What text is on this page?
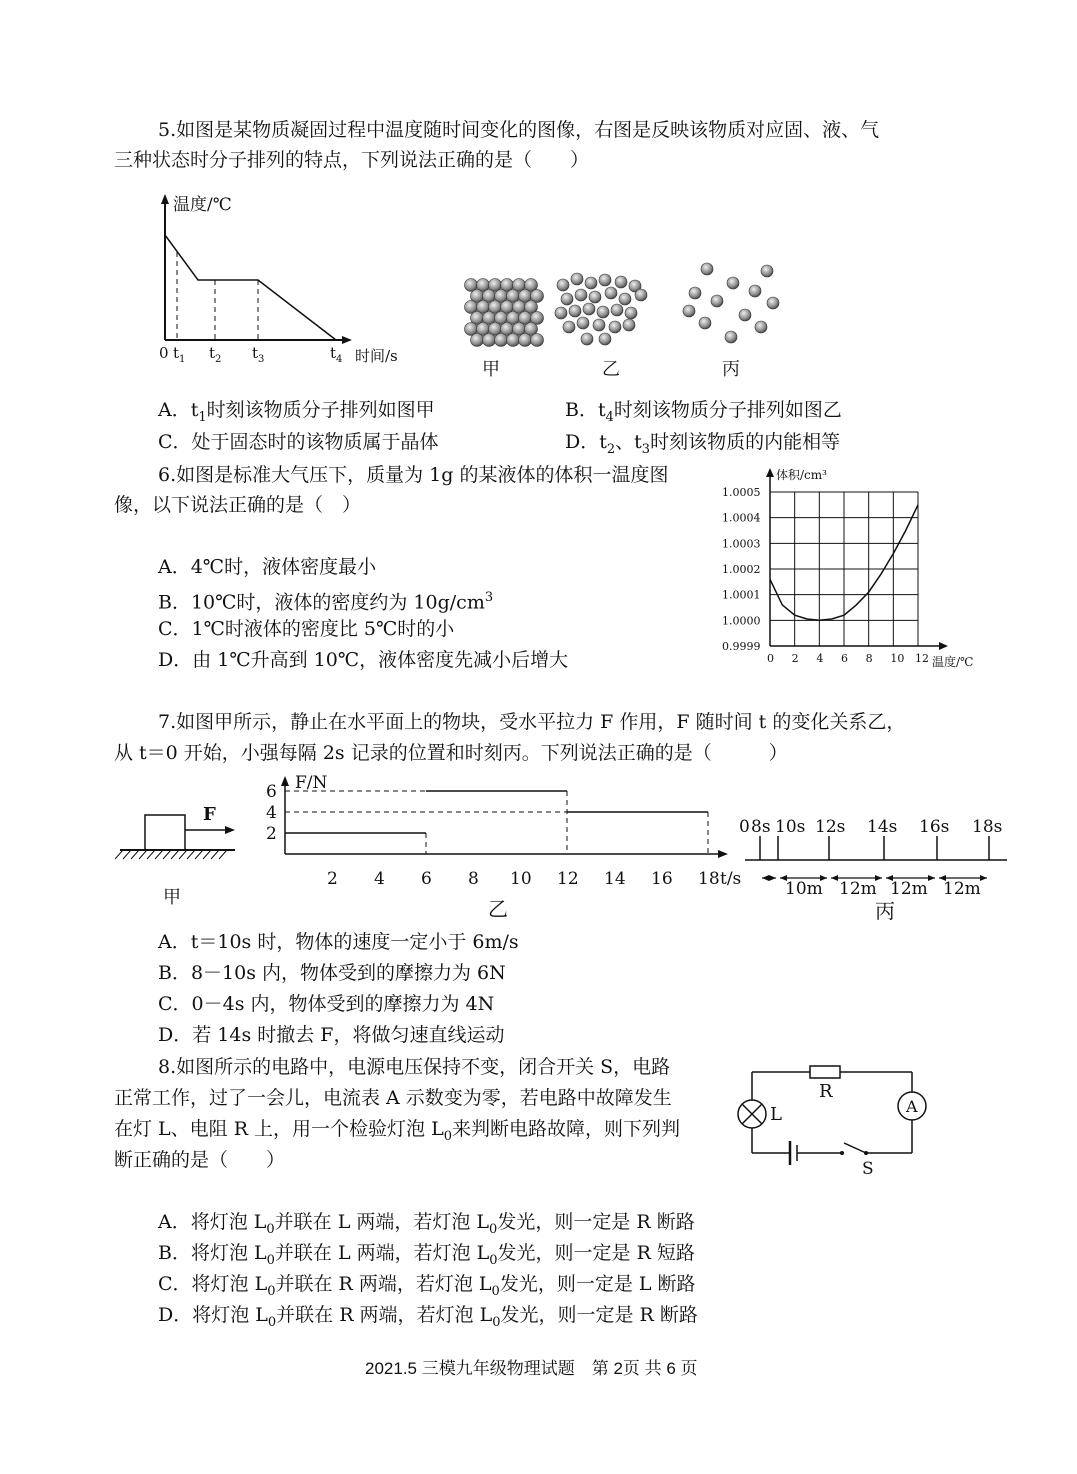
5.如图是某物质凝固过程中温度随时间变化的图像，右图是反映该物质对应固、液、气
三种状态时分子排列的特点，下列说法正确的是（　　）
温度/℃
时间/s
0 $t_1$ $t_2$ $t_3$	$t_4$	甲	乙	丙
A．$t_1$时刻该物质分子排列如图甲	B．$t_4$时刻该物质分子排列如图乙
C．处于固态时的该物质属于晶体	D．$t_2$、$t_3$时刻该物质的内能相等
6.如图是标准大气压下，质量为 1g 的某液体的体积一温度图
像，以下说法正确的是（　）
A．4℃时，液体密度最小
B．10℃时，液体的密度约为 $10g/cm^3$
C．1℃时液体的密度比 5℃时的小
D．由 1℃升高到 10℃，液体密度先减小后增大	0 2 4 6 8 10 12
0.9999
1.0000
1.0001
1.0002
1.0003
1.0004
1.0005
体积/cm³
温度/℃
7.如图甲所示，静止在水平面上的物块，受水平拉力 F 作用，F 随时间 t 的变化关系乙，
从 t＝0 开始，小强每隔 2s 记录的位置和时刻丙。下列说法正确的是（　　　）
F
甲
F/N
t/s
2
4
6
2 4 6 8 10 12 14 16 18
乙
0 8s 10s 12s 14s 16s 18s
10m 12m 12m 12m
丙
A．t＝10s 时，物体的速度一定小于 6m/s
B．8－10s 内，物体受到的摩擦力为 6N
C．0－4s 内，物体受到的摩擦力为 4N
D．若 14s 时撤去 F，将做匀速直线运动
8.如图所示的电路中，电源电压保持不变，闭合开关 S，电路
正常工作，过了一会儿，电流表 A 示数变为零，若电路中故障发生
在灯 L、电阻 R 上，用一个检验灯泡 $L_0$来判断电路故障，则下列判
断正确的是（　　）
R
L	A
S
A．将灯泡 $L_0$并联在 L 两端，若灯泡 $L_0$发光，则一定是 R 断路
B．将灯泡 $L_0$并联在 L 两端，若灯泡 $L_0$发光，则一定是 R 短路
C．将灯泡 $L_0$并联在 R 两端，若灯泡 $L_0$发光，则一定是 L 断路
D．将灯泡 $L_0$并联在 R 两端，若灯泡 $L_0$发光，则一定是 R 断路
2021.5 三模九年级物理试题　第 2页 共 6 页
